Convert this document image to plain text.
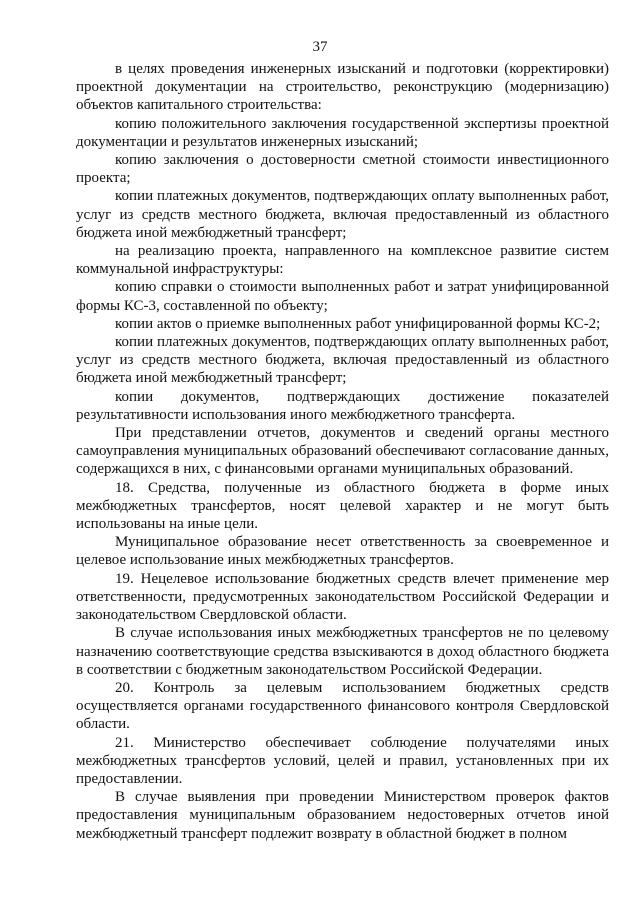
37

в целях проведения инженерных изысканий и подготовки (корректировки) проектной документации на строительство, реконструкцию (модернизацию) объектов капитального строительства:

копию положительного заключения государственной экспертизы проектной документации и результатов инженерных изысканий;

копию заключения о достоверности сметной стоимости инвестиционного проекта;

копии платежных документов, подтверждающих оплату выполненных работ, услуг из средств местного бюджета, включая предоставленный из областного бюджета иной межбюджетный трансферт;

на реализацию проекта, направленного на комплексное развитие систем коммунальной инфраструктуры:

копию справки о стоимости выполненных работ и затрат унифицированной формы КС-3, составленной по объекту;

копии актов о приемке выполненных работ унифицированной формы КС-2;

копии платежных документов, подтверждающих оплату выполненных работ, услуг из средств местного бюджета, включая предоставленный из областного бюджета иной межбюджетный трансферт;

копии документов, подтверждающих достижение показателей результативности использования иного межбюджетного трансферта.

При представлении отчетов, документов и сведений органы местного самоуправления муниципальных образований обеспечивают согласование данных, содержащихся в них, с финансовыми органами муниципальных образований.

18. Средства, полученные из областного бюджета в форме иных межбюджетных трансфертов, носят целевой характер и не могут быть использованы на иные цели.

Муниципальное образование несет ответственность за своевременное и целевое использование иных межбюджетных трансфертов.

19. Нецелевое использование бюджетных средств влечет применение мер ответственности, предусмотренных законодательством Российской Федерации и законодательством Свердловской области.

В случае использования иных межбюджетных трансфертов не по целевому назначению соответствующие средства взыскиваются в доход областного бюджета в соответствии с бюджетным законодательством Российской Федерации.

20. Контроль за целевым использованием бюджетных средств осуществляется органами государственного финансового контроля Свердловской области.

21. Министерство обеспечивает соблюдение получателями иных межбюджетных трансфертов условий, целей и правил, установленных при их предоставлении.

В случае выявления при проведении Министерством проверок фактов предоставления муниципальным образованием недостоверных отчетов иной межбюджетный трансферт подлежит возврату в областной бюджет в полном
